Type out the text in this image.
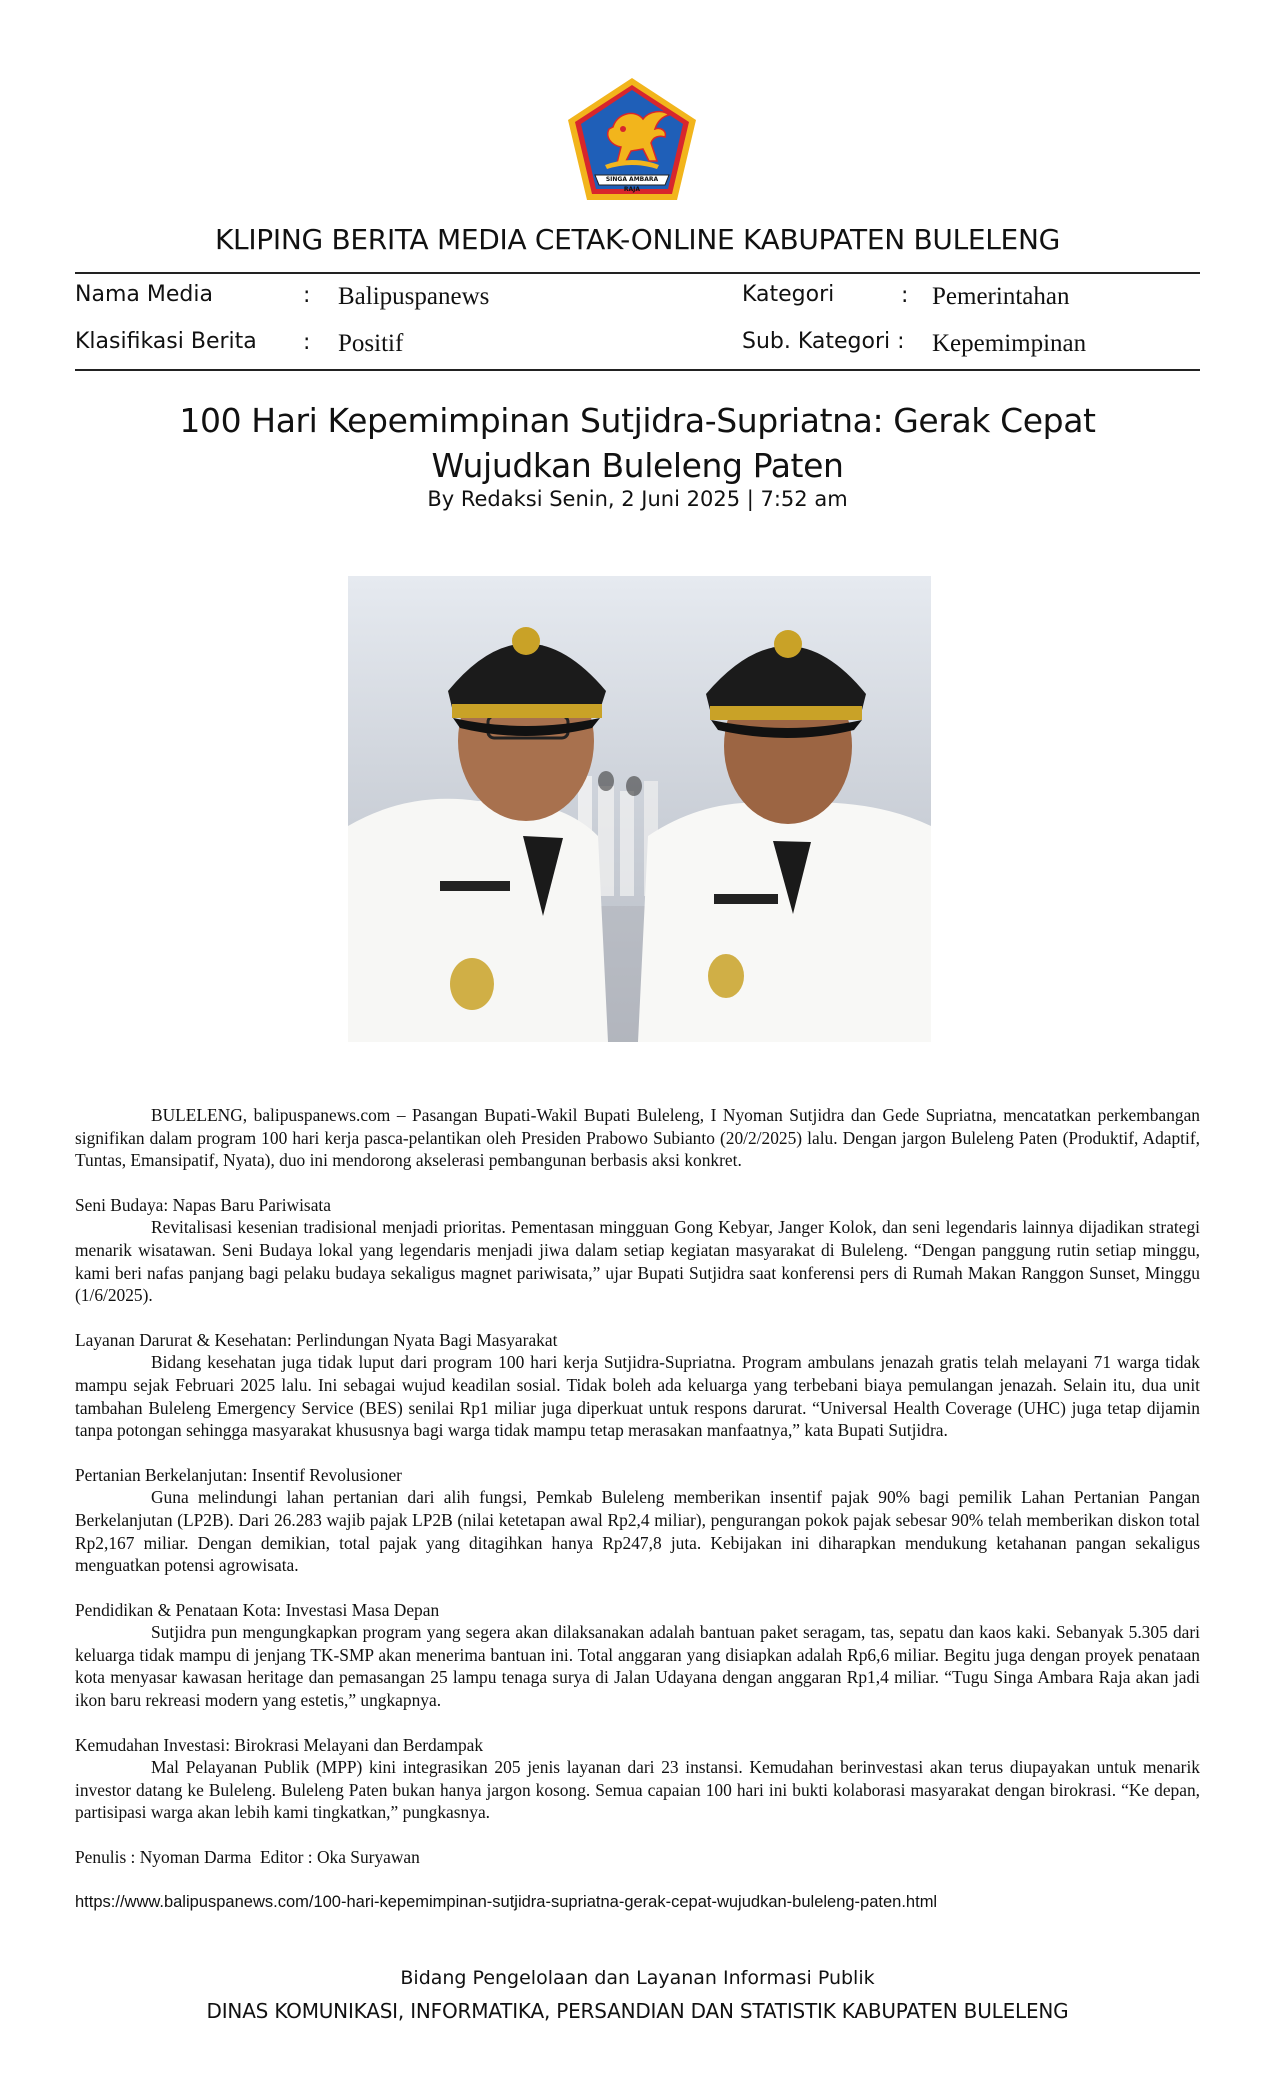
SINGA AMBARA RAJA
KLIPING BERITA MEDIA CETAK-ONLINE KABUPATEN BULELENG
Nama Media	: Balipuspanews	Kategori	: Pemerintahan
Klasifikasi Berita : Positif	Sub. Kategori : Kepemimpinan
100 Hari Kepemimpinan Sutjidra-Supriatna: Gerak Cepat Wujudkan Buleleng Paten
By Redaksi Senin, 2 Juni 2025 | 7:52 am

BULELENG, balipuspanews.com – Pasangan Bupati-Wakil Bupati Buleleng, I Nyoman Sutjidra dan Gede Supriatna, mencatatkan perkembangan signifikan dalam program 100 hari kerja pasca-pelantikan oleh Presiden Prabowo Subianto (20/2/2025) lalu. Dengan jargon Buleleng Paten (Produktif, Adaptif, Tuntas, Emansipatif, Nyata), duo ini mendorong akselerasi pembangunan berbasis aksi konkret.

Seni Budaya: Napas Baru Pariwisata

Revitalisasi kesenian tradisional menjadi prioritas. Pementasan mingguan Gong Kebyar, Janger Kolok, dan seni legendaris lainnya dijadikan strategi menarik wisatawan. Seni Budaya lokal yang legendaris menjadi jiwa dalam setiap kegiatan masyarakat di Buleleng. “Dengan panggung rutin setiap minggu, kami beri nafas panjang bagi pelaku budaya sekaligus magnet pariwisata,” ujar Bupati Sutjidra saat konferensi pers di Rumah Makan Ranggon Sunset, Minggu (1/6/2025).

Layanan Darurat & Kesehatan: Perlindungan Nyata Bagi Masyarakat

Bidang kesehatan juga tidak luput dari program 100 hari kerja Sutjidra-Supriatna. Program ambulans jenazah gratis telah melayani 71 warga tidak mampu sejak Februari 2025 lalu. Ini sebagai wujud keadilan sosial. Tidak boleh ada keluarga yang terbebani biaya pemulangan jenazah. Selain itu, dua unit tambahan Buleleng Emergency Service (BES) senilai Rp1 miliar juga diperkuat untuk respons darurat. “Universal Health Coverage (UHC) juga tetap dijamin tanpa potongan sehingga masyarakat khususnya bagi warga tidak mampu tetap merasakan manfaatnya,” kata Bupati Sutjidra.

Pertanian Berkelanjutan: Insentif Revolusioner

Guna melindungi lahan pertanian dari alih fungsi, Pemkab Buleleng memberikan insentif pajak 90% bagi pemilik Lahan Pertanian Pangan Berkelanjutan (LP2B). Dari 26.283 wajib pajak LP2B (nilai ketetapan awal Rp2,4 miliar), pengurangan pokok pajak sebesar 90% telah memberikan diskon total Rp2,167 miliar. Dengan demikian, total pajak yang ditagihkan hanya Rp247,8 juta. Kebijakan ini diharapkan mendukung ketahanan pangan sekaligus menguatkan potensi agrowisata.

Pendidikan & Penataan Kota: Investasi Masa Depan

Sutjidra pun mengungkapkan program yang segera akan dilaksanakan adalah bantuan paket seragam, tas, sepatu dan kaos kaki. Sebanyak 5.305 dari keluarga tidak mampu di jenjang TK-SMP akan menerima bantuan ini. Total anggaran yang disiapkan adalah Rp6,6 miliar. Begitu juga dengan proyek penataan kota menyasar kawasan heritage dan pemasangan 25 lampu tenaga surya di Jalan Udayana dengan anggaran Rp1,4 miliar. “Tugu Singa Ambara Raja akan jadi ikon baru rekreasi modern yang estetis,” ungkapnya.

Kemudahan Investasi: Birokrasi Melayani dan Berdampak

Mal Pelayanan Publik (MPP) kini integrasikan 205 jenis layanan dari 23 instansi. Kemudahan berinvestasi akan terus diupayakan untuk menarik investor datang ke Buleleng. Buleleng Paten bukan hanya jargon kosong. Semua capaian 100 hari ini bukti kolaborasi masyarakat dengan birokrasi. “Ke depan, partisipasi warga akan lebih kami tingkatkan,” pungkasnya.

Penulis : Nyoman Darma  Editor : Oka Suryawan

https://www.balipuspanews.com/100-hari-kepemimpinan-sutjidra-supriatna-gerak-cepat-wujudkan-buleleng-paten.html

Bidang Pengelolaan dan Layanan Informasi Publik
DINAS KOMUNIKASI, INFORMATIKA, PERSANDIAN DAN STATISTIK KABUPATEN BULELENG
